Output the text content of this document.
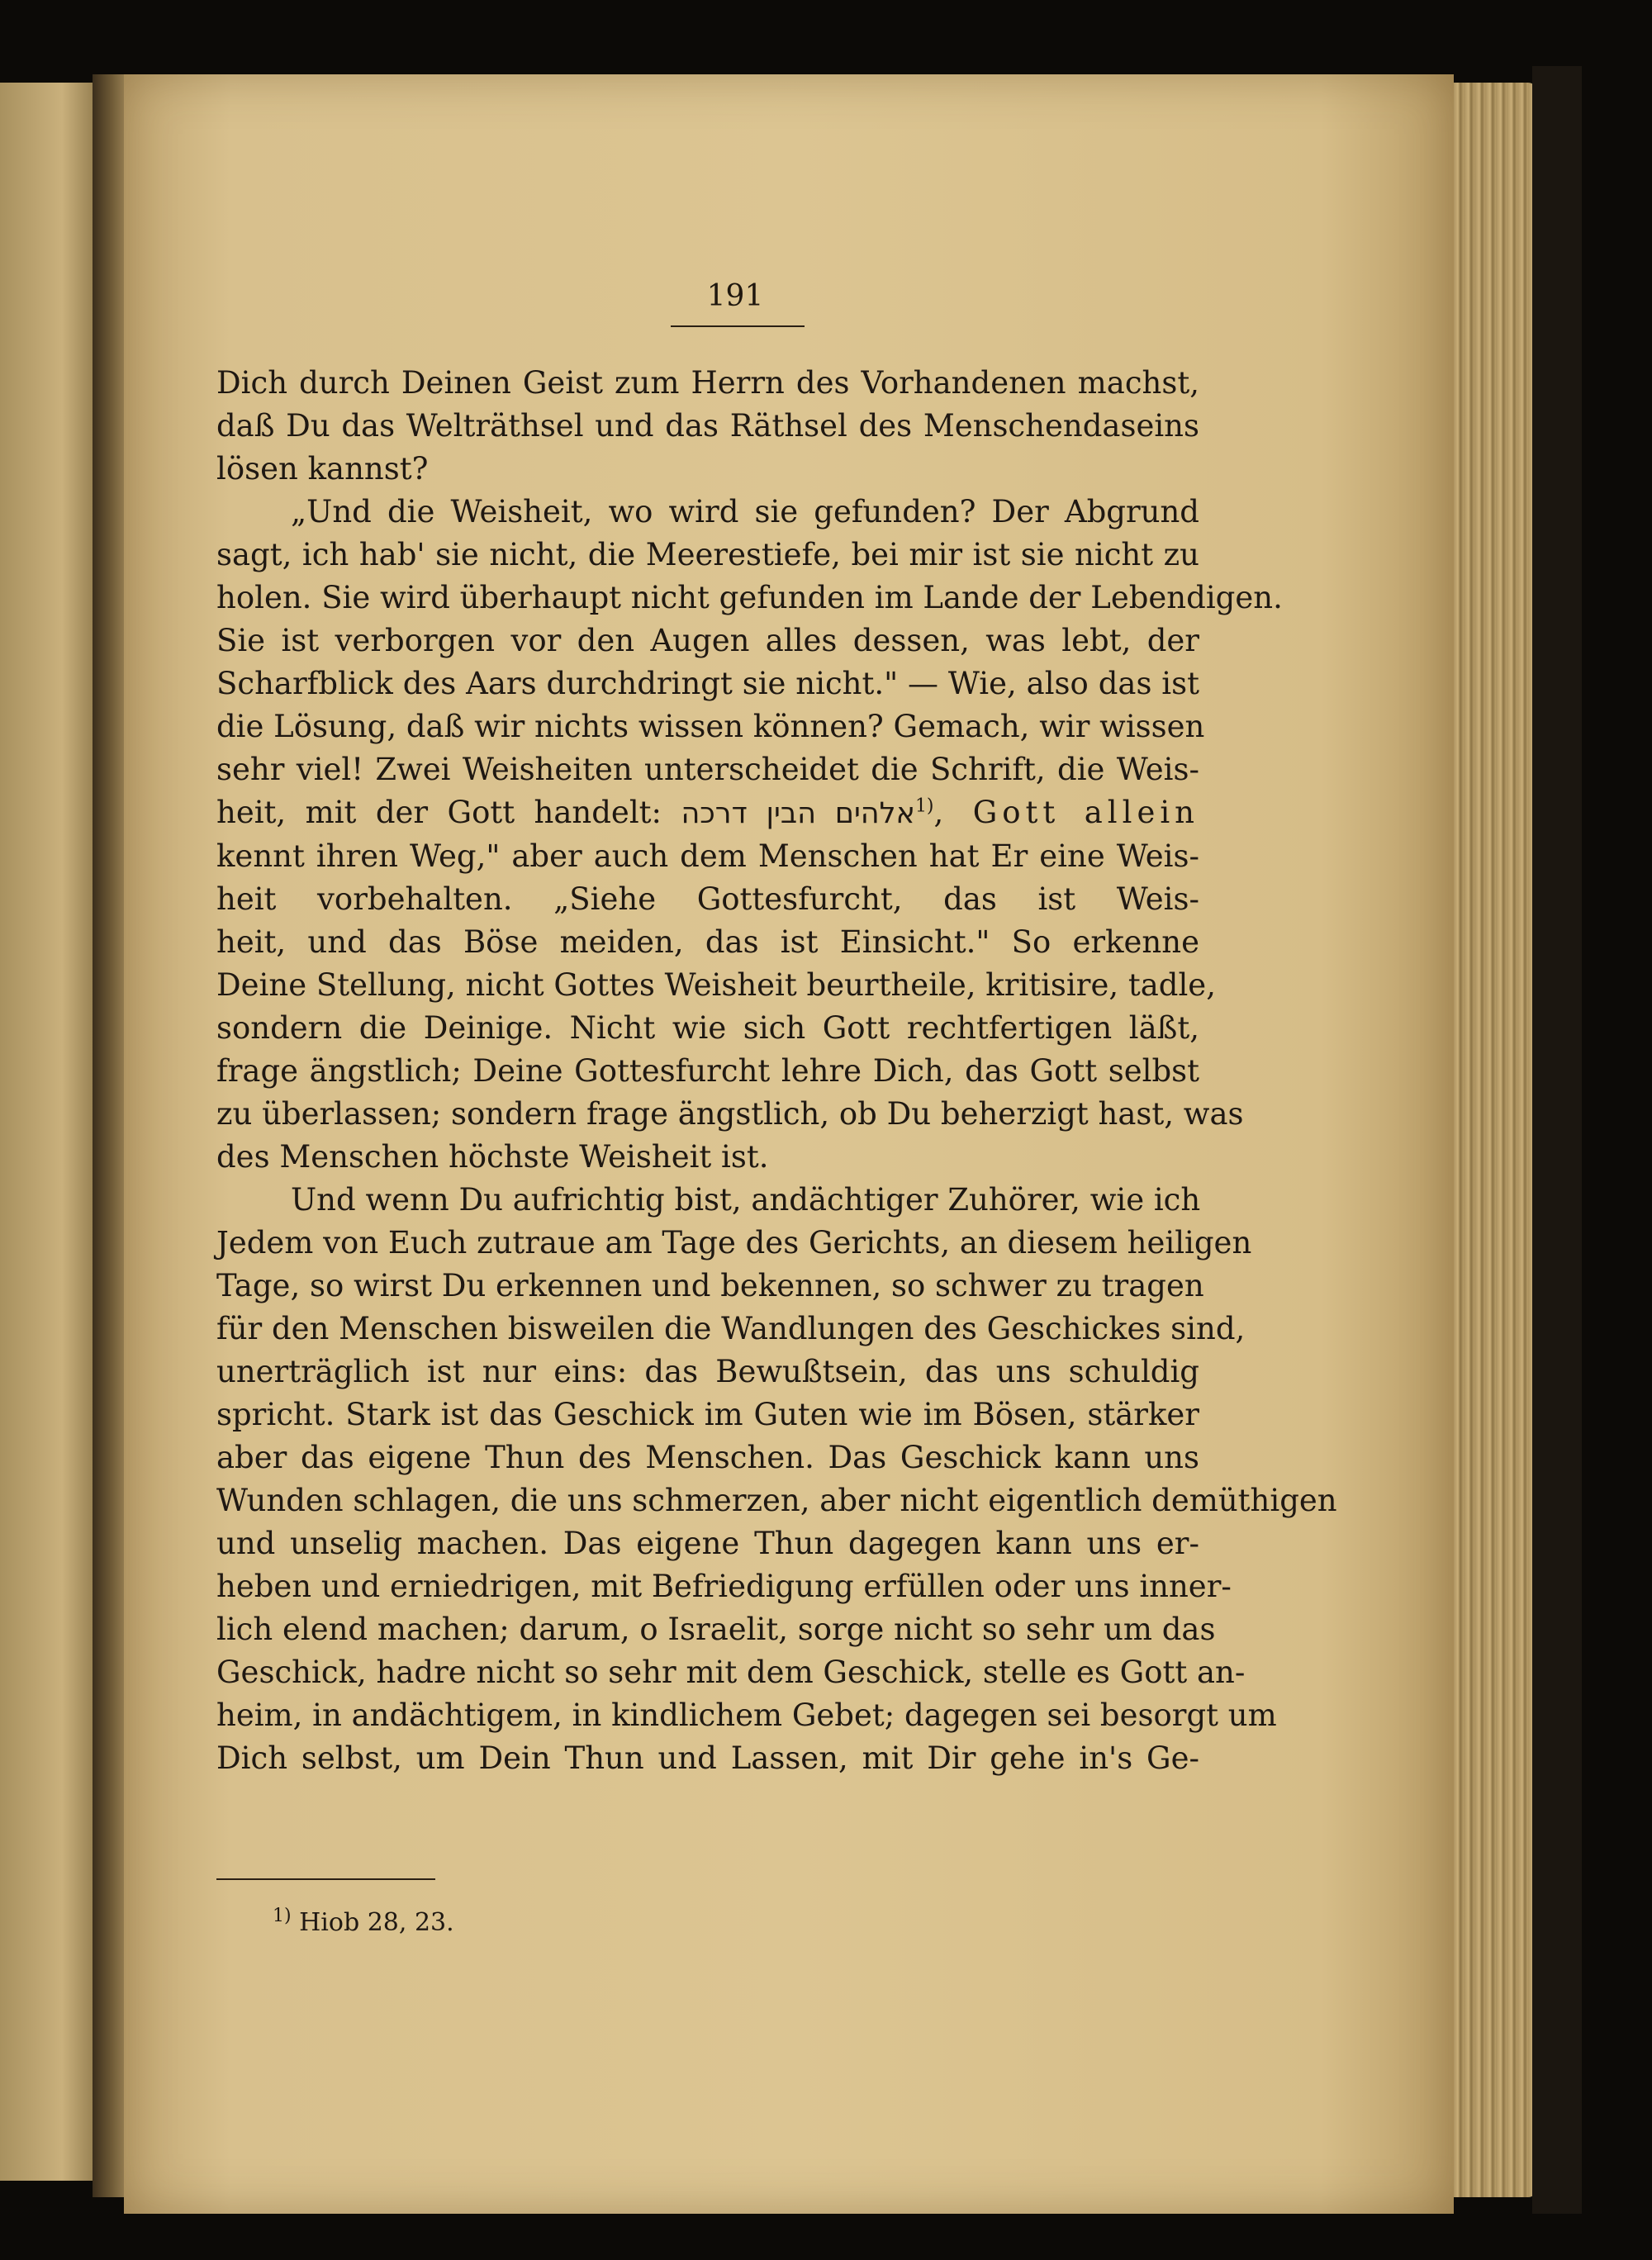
191
Dich durch Deinen Geist zum Herrn des Vorhandenen machst,
daß Du das Welträthsel und das Räthsel des Menschendaseins
lösen kannst?
„Und die Weisheit, wo wird sie gefunden? Der Abgrund
sagt, ich hab' sie nicht, die Meerestiefe, bei mir ist sie nicht zu
holen. Sie wird überhaupt nicht gefunden im Lande der Lebendigen.
Sie ist verborgen vor den Augen alles dessen, was lebt, der
Scharfblick des Aars durchdringt sie nicht." — Wie, also das ist
die Lösung, daß wir nichts wissen können? Gemach, wir wissen
sehr viel! Zwei Weisheiten unterscheidet die Schrift, die Weis-
heit, mit der Gott handelt: אלהים הבין דרכה$^{1)}$, Gott allein
kennt ihren Weg," aber auch dem Menschen hat Er eine Weis-
heit vorbehalten. „Siehe Gottesfurcht, das ist Weis-
heit, und das Böse meiden, das ist Einsicht." So erkenne
Deine Stellung, nicht Gottes Weisheit beurtheile, kritisire, tadle,
sondern die Deinige. Nicht wie sich Gott rechtfertigen läßt,
frage ängstlich; Deine Gottesfurcht lehre Dich, das Gott selbst
zu überlassen; sondern frage ängstlich, ob Du beherzigt hast, was
des Menschen höchste Weisheit ist.
Und wenn Du aufrichtig bist, andächtiger Zuhörer, wie ich
Jedem von Euch zutraue am Tage des Gerichts, an diesem heiligen
Tage, so wirst Du erkennen und bekennen, so schwer zu tragen
für den Menschen bisweilen die Wandlungen des Geschickes sind,
unerträglich ist nur eins: das Bewußtsein, das uns schuldig
spricht. Stark ist das Geschick im Guten wie im Bösen, stärker
aber das eigene Thun des Menschen. Das Geschick kann uns
Wunden schlagen, die uns schmerzen, aber nicht eigentlich demüthigen
und unselig machen. Das eigene Thun dagegen kann uns er-
heben und erniedrigen, mit Befriedigung erfüllen oder uns inner-
lich elend machen; darum, o Israelit, sorge nicht so sehr um das
Geschick, hadre nicht so sehr mit dem Geschick, stelle es Gott an-
heim, in andächtigem, in kindlichem Gebet; dagegen sei besorgt um
Dich selbst, um Dein Thun und Lassen, mit Dir gehe in's Ge-
$^{1)}$ Hiob 28, 23.
